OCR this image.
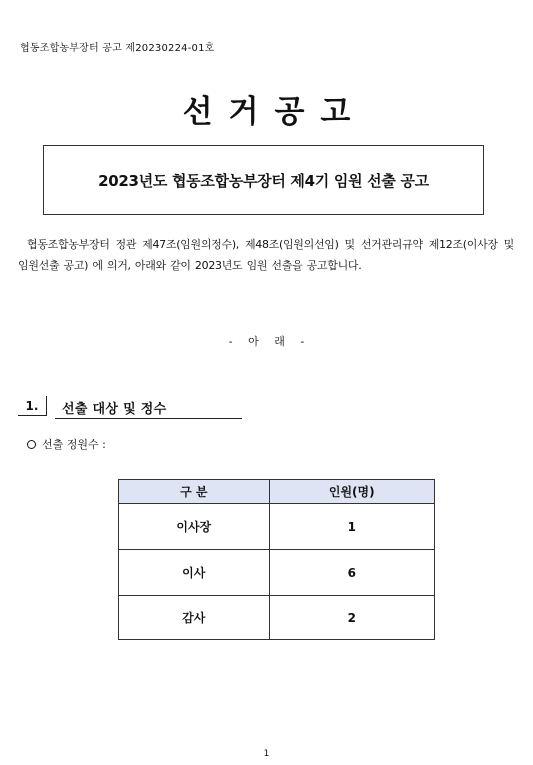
협동조합농부장터 공고 제20230224-01호
선거공고
2023년도 협동조합농부장터 제4기 임원 선출 공고
협동조합농부장터 정관 제47조(임원의정수), 제48조(임원의선임) 및 선거관리규약 제12조(이사장 및 임원선출 공고) 에 의거, 아래와 같이 2023년도 임원 선출을 공고합니다.
- 아 래 -
1.	선출 대상 및 정수
선출 정원수 :
구 분	인원(명)
이사장	1
이사	6
감사	2
1
